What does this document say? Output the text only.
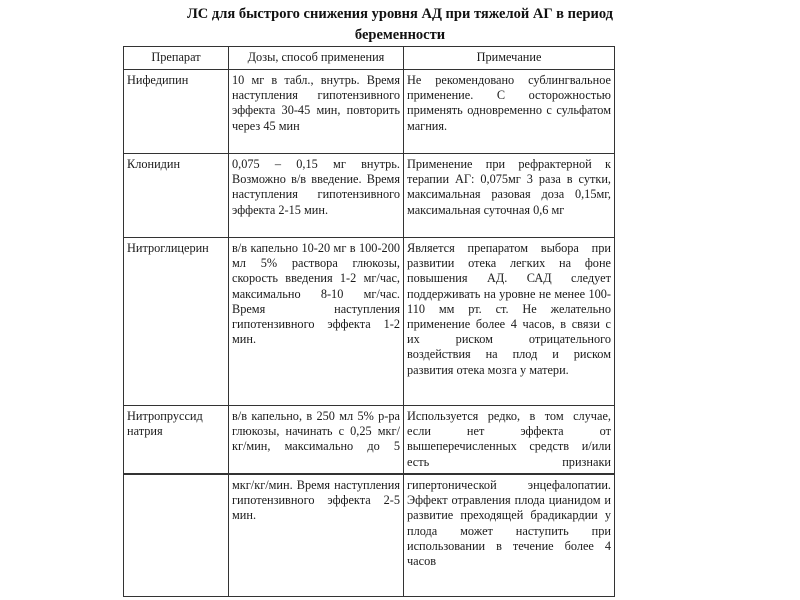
ЛС для быстрого снижения уровня АД при тяжелой АГ в период
беременности
Препарат	Дозы, способ применения	Примечание
Нифедипин	10 мг в табл., внутрь. Время наступления гипотензивного эффекта 30-45 мин, повторить через 45 мин	Не рекомендовано сублингвальное применение. С осторожностью применять одновременно с сульфатом магния.
Клонидин	0,075 – 0,15 мг внутрь. Возможно в/в введение. Время наступления гипотензивного эффекта 2-15 мин.	Применение при рефрактерной к терапии АГ: 0,075мг 3 раза в сутки, максимальная разовая доза 0,15мг, максимальная суточная 0,6 мг
Нитроглицерин	в/в капельно 10-20 мг в 100-200 мл 5% раствора глюкозы, скорость введения 1-2 мг/час, максимально 8-10 мг/час. Время наступления гипотензивного эффекта 1-2 мин.	Является препаратом выбора при развитии отека легких на фоне повышения АД. САД следует поддерживать на уровне не менее 100- 110 мм рт. ст. Не желательно применение более 4 часов, в связи с их риском отрицательного воздействия на плод и риском развития отека мозга у матери.
Нитропруссид натрия	в/в капельно, в 250 мл 5% р-ра глюкозы, начинать с 0,25 мкг/кг/мин, максимально до 5	Используется редко, в том случае, если нет эффекта от вышеперечисленных средств и/или есть признаки
	мкг/кг/мин. Время наступления гипотензивного эффекта 2-5 мин.	гипертонической энцефалопатии. Эффект отравления плода цианидом и развитие преходящей брадикардии у плода может наступить при использовании в течение более 4 часов
